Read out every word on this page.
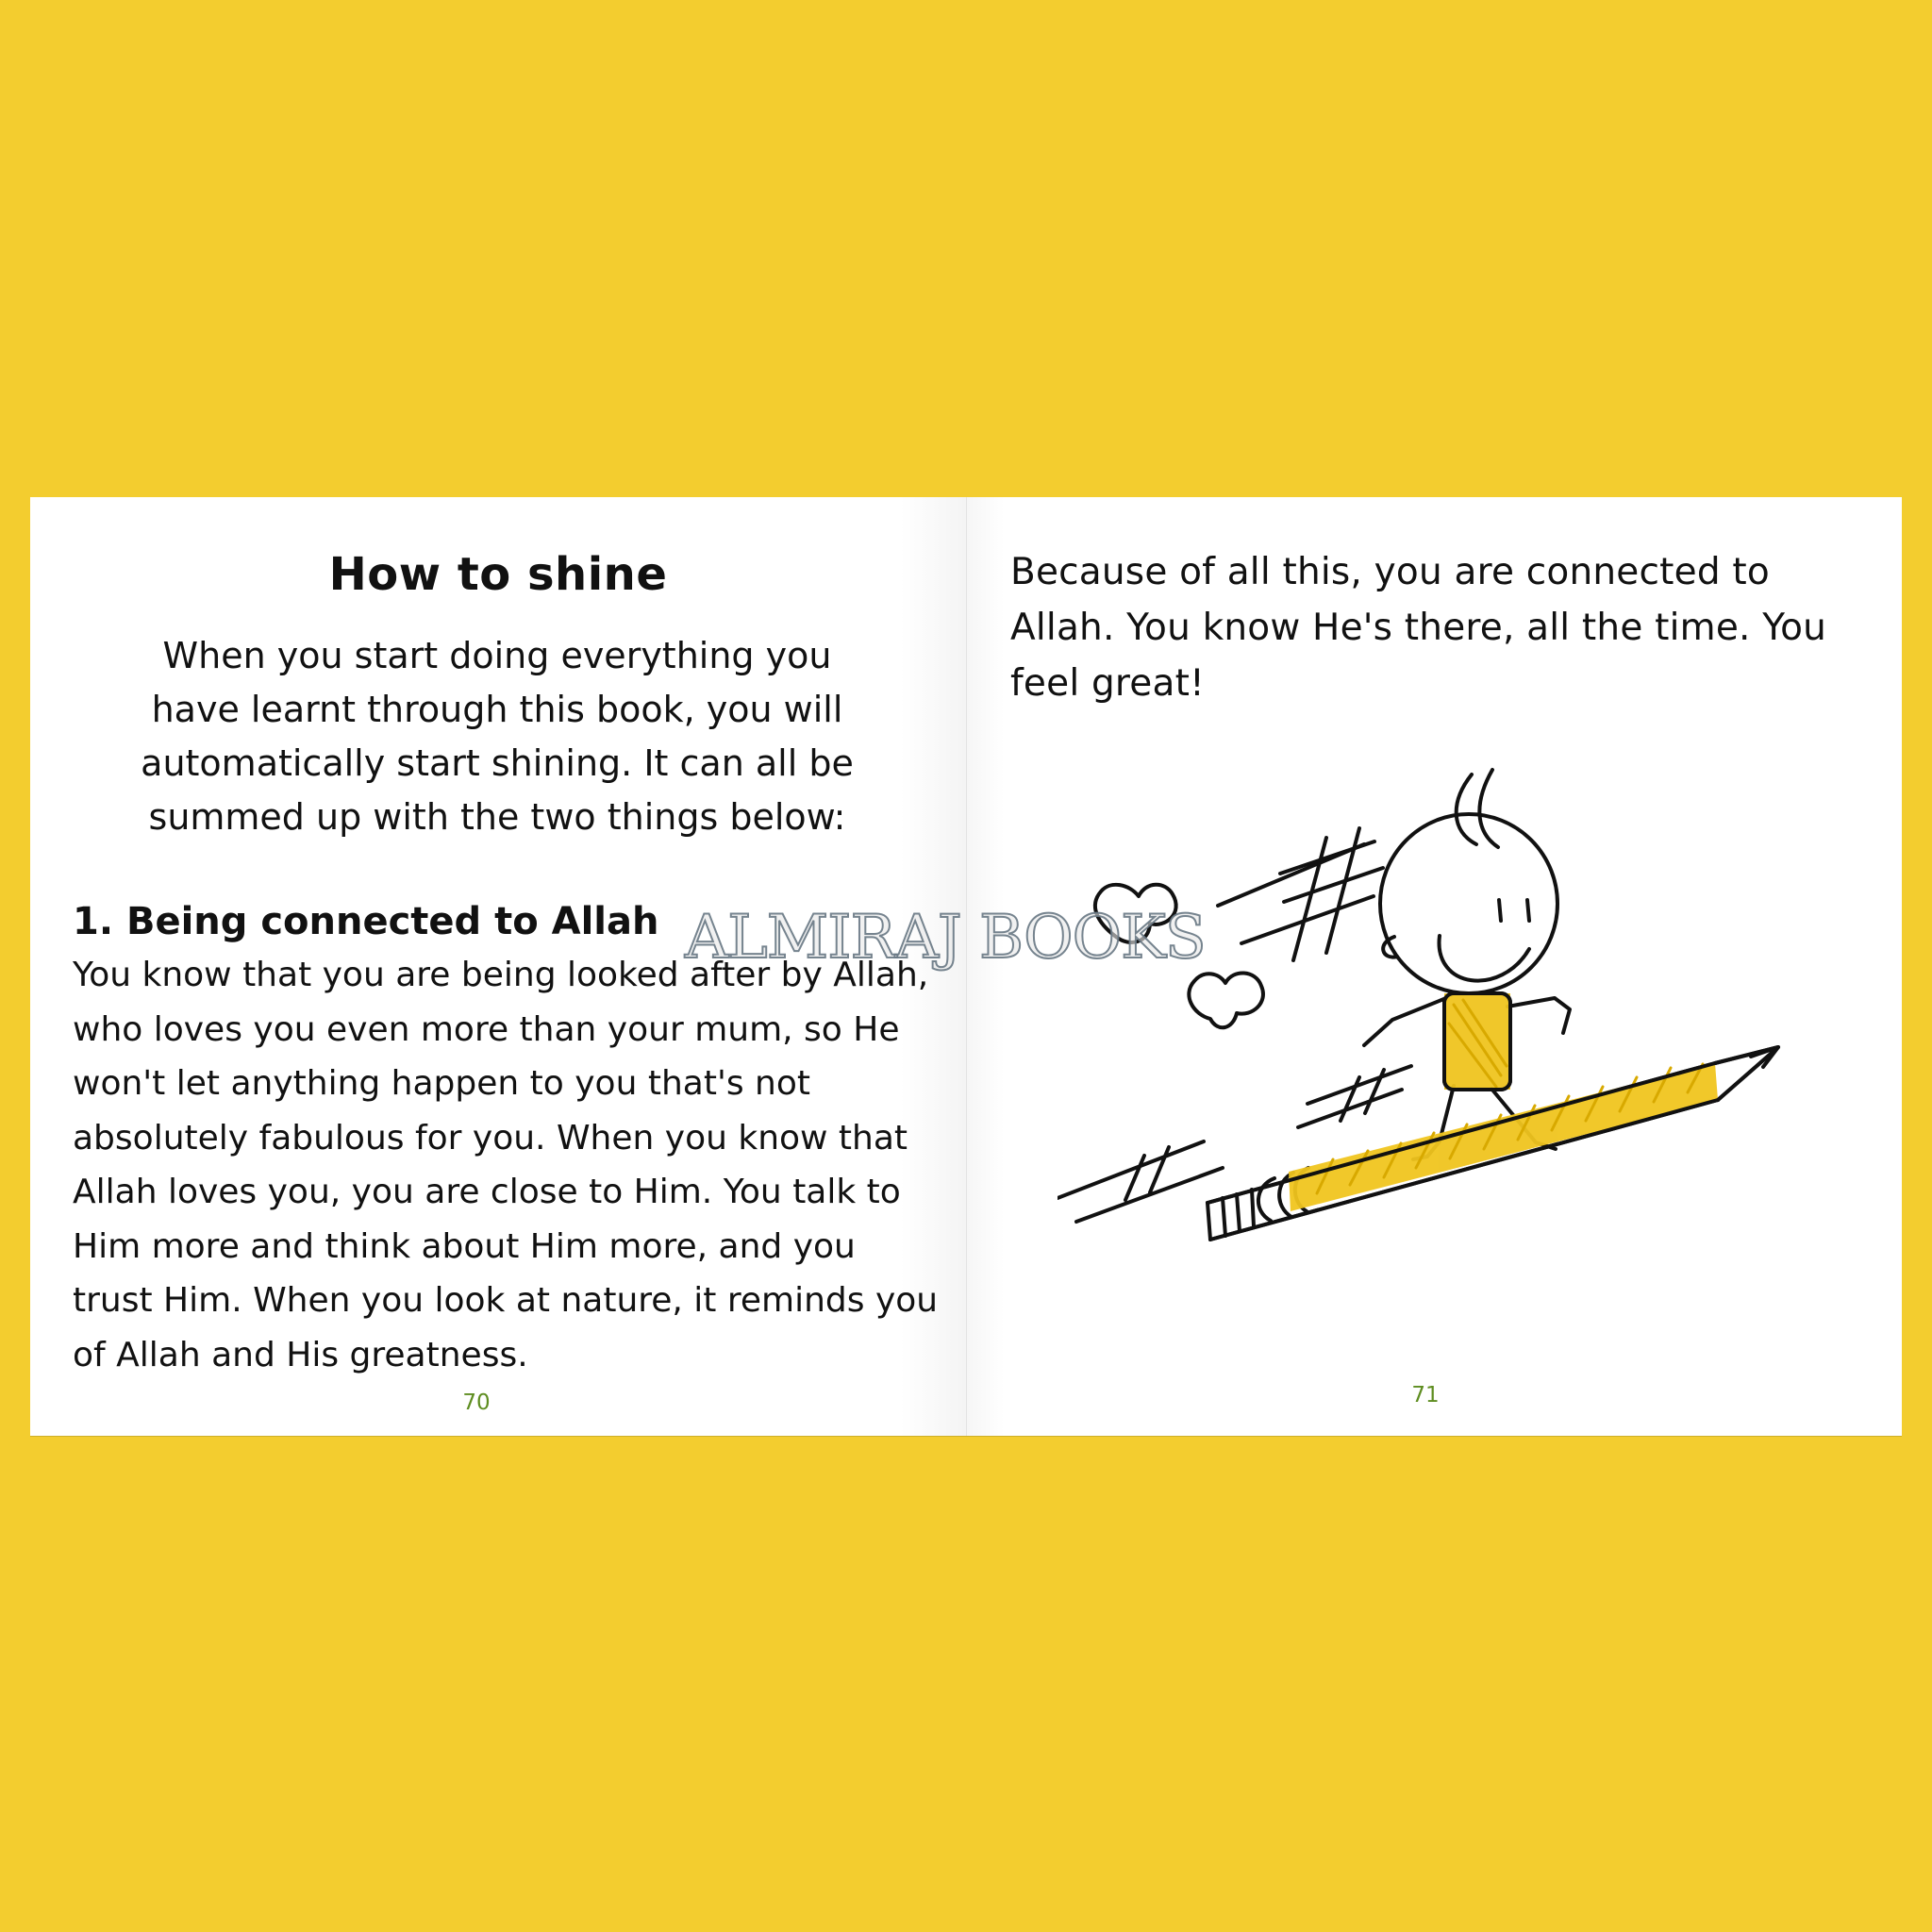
How to shine

When you start doing everything you have learnt through this book, you will automatically start shining. It can all be summed up with the two things below:

1. Being connected to Allah

You know that you are being looked after by Allah, who loves you even more than your mum, so He won't let anything happen to you that's not absolutely fabulous for you. When you know that Allah loves you, you are close to Him. You talk to Him more and think about Him more, and you trust Him. When you look at nature, it reminds you of Allah and His greatness.

70

Because of all this, you are connected to Allah. You know He's there, all the time. You feel great!

71
ALMIRAJ BOOKS
